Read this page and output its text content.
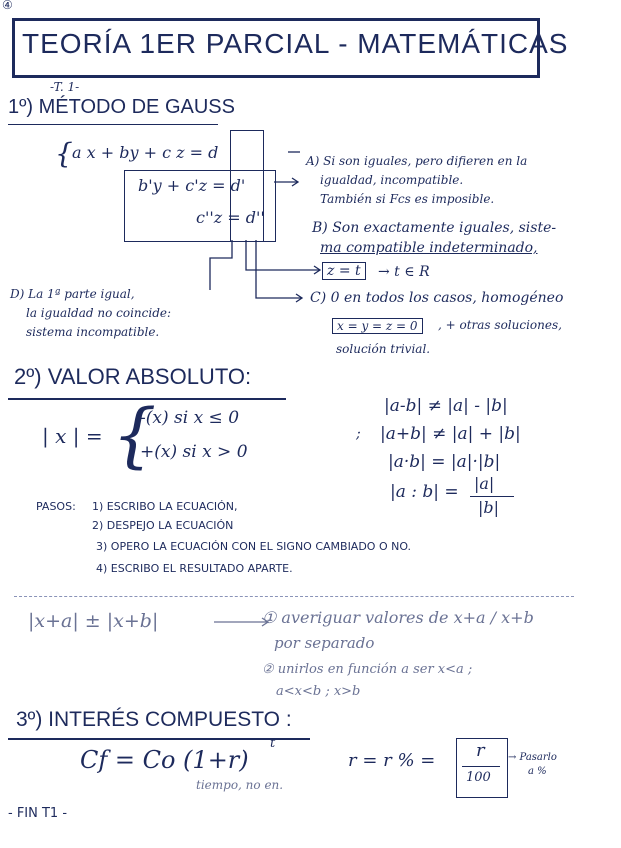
④
TEORÍA 1ER PARCIAL - MATEMÁTICAS
-T. 1-
1º) MÉTODO DE GAUSS
{ a x + by + c z = d
b'y + c'z = d'
c''z = d''
A) Si son iguales, pero difieren en la
igualdad, incompatible.
También si Fcs es imposible.
B) Son exactamente iguales, siste-
ma compatible indeterminado,
z = t	→ t ∈ R
C) 0 en todos los casos, homogéneo
x = y = z = 0	, + otras soluciones,
solución trivial.
D) La 1ª parte igual,
la igualdad no coincide:
sistema incompatible.
2º) VALOR ABSOLUTO:
| x | = {
-(x) si x ≤ 0
+(x) si x > 0
|a-b| ≠ |a| - |b|
; |a+b| ≠ |a| + |b|
|a·b| = |a|·|b|
|a : b| = |a|
|b|
PASOS: 1) ESCRIBO LA ECUACIÓN,
2) DESPEJO LA ECUACIÓN
3) OPERO LA ECUACIÓN CON EL SIGNO CAMBIADO O NO.
4) ESCRIBO EL RESULTADO APARTE.
|x+a| ± |x+b|	① averiguar valores de x+a / x+b
por separado
② unirlos en función a ser x<a ;
a<x<b ; x>b
3º) INTERÉS COMPUESTO :
Cf = Co (1+r)
t
tiempo, no en.
r = r % = r
100
→ Pasarlo
a %
- FIN T1 -
